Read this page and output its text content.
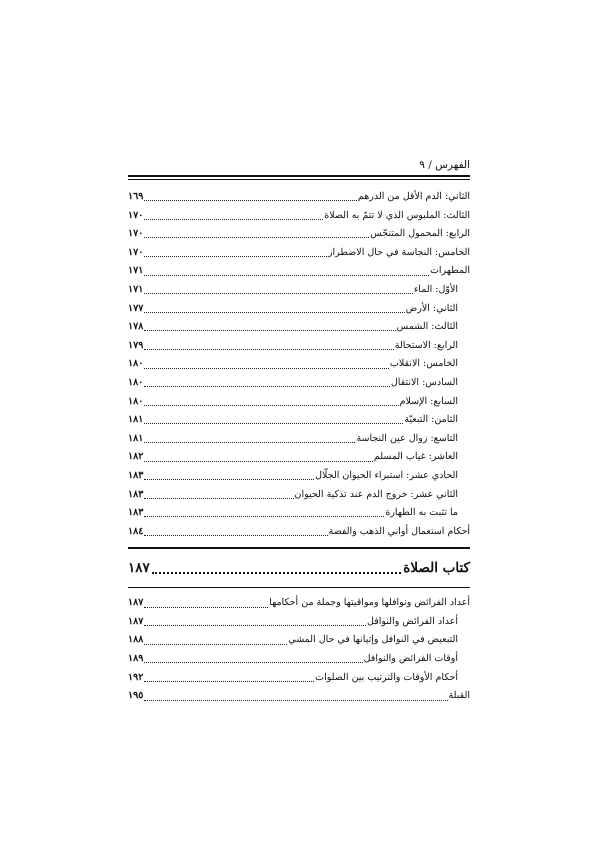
الفهرس / ٩
الثاني: الدم الأقل من الدرهم
١٦٩
الثالث: الملبوس الذي لا تتمّ به الصلاة
١٧٠
الرابع: المحمول المتنجّس
١٧٠
الخامس: النجاسة في حال الاضطرار
١٧٠
المطهرات
١٧١
الأوّل: الماء
١٧١
الثاني: الأرض
١٧٧
الثالث: الشمس
١٧٨
الرابع: الاستحالة
١٧٩
الخامس: الانقلاب
١٨٠
السادس: الانتقال
١٨٠
السابع: الإسلام
١٨٠
الثامن: التبعيّة
١٨١
التاسع: زوال عين النجاسة
١٨١
العاشر: غياب المسلم
١٨٢
الحادي عشر: استبراء الحيوان الجلّال
١٨٣
الثاني عشر: خروج الدم عند تذكية الحيوان
١٨٣
ما تثبت به الطهارة
١٨٣
أحكام استعمال أواني الذهب والفضة
١٨٤
كتاب الصلاة
١٨٧
أعداد الفرائض ونوافلها ومواقيتها وجملة من أحكامها
١٨٧
أعداد الفرائض والنوافل
١٨٧
التبعيض في النوافل وإتيانها في حال المشي
١٨٨
أوقات الفرائض والنوافل
١٨٩
أحكام الأوقات والترتيب بين الصلوات
١٩٢
القبلة
١٩٥
